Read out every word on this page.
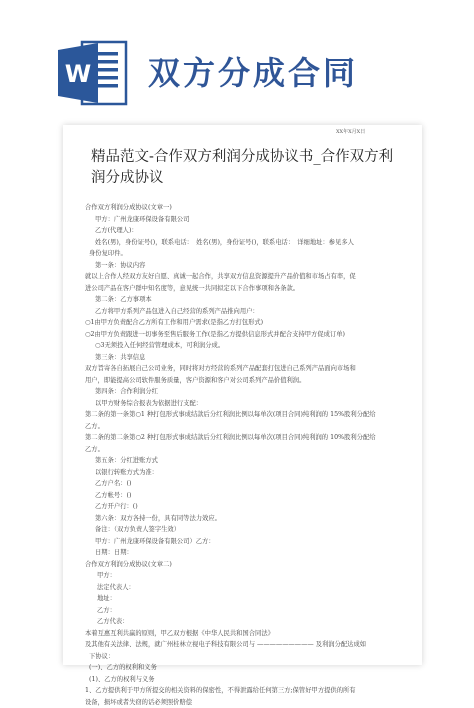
W 双方分成合同
XX年X月X日
精品范文-合作双方利润分成协议书_合作双方利润分成协议
合作双方利润分成协议(文章一)
甲方：广州龙康环保设备有限公司
乙方(代理人)：
姓名(男)，身份证号()，联系电话：　姓名(男)，身份证号()，联系电话：　详细地址：参见多人
身份复印件。
第一条：协议内容
就以上合作人经双方友好自愿、真诚一起合作，共享双方信息资源提升产品价值和市场占有率，促
进公司产品在客户群中知名度等，意见统一共同拟定以下合作事项和各条款。
第二条：乙方事项本
乙方将甲方系列产品包进入自己经营的系列产品推向用户：
○1由甲方负责配合乙方所有工作和用户需求(是指乙方打包形式)
○2由甲方负责跟进一切事务至售后服务工作(是指乙方提供信息形式并配合支持甲方促成订单)
○3无须投入任何经营管理成本，可利润分成。
第三条：共享信息
双方旨寄各自拓展自己公司业务，同时将对方经营的系列产品配套打包进自己系列产品面向市场和
用户，即能提高公司软件服务质量，客户资源和客户对公司系列产品价值利润。
第四条：合作利润分红
以甲方财务综合报表为依据进行支配：
第二条的第一条第○1 种打包形式事成结款后分红利润比例以每单次(项目合同)纯利润的 15%股利分配给
乙方。
第二条的第二条第○2 种打包形式事成结款后分红利润比例以每单次(项目合同)纯利润的 10%股利分配给
乙方。
第五条：分红进账方式
以银行转账方式为准：
乙方户名：()
乙方帐号：()
乙方开户行：()
第六条：双方各持一份，具有同等法力效应。
备注：（双方负责人签字生效）
甲方：广州龙康环保设备有限公司）乙方：
日期：日期：
合作双方利润分成协议(文章二)
甲方：
法定代表人：
地址：
乙方：
乙方代表：
本着互惠互利共赢的原则，甲乙双方根据《中华人民共和国合同法》
及其他有关法律、法规，就广州桂林立视电子科技有限公司与 ————————— 及利润分配达成如
下协议：
(一)、乙方的权利和义务
(1)、乙方的权利与义务
1、乙方提供利于甲方所提交的相关资料的保密性，不得泄露给任何第三方;保管好甲方提供的所有
设备，损坏或者失窃的话必须照价赔偿
